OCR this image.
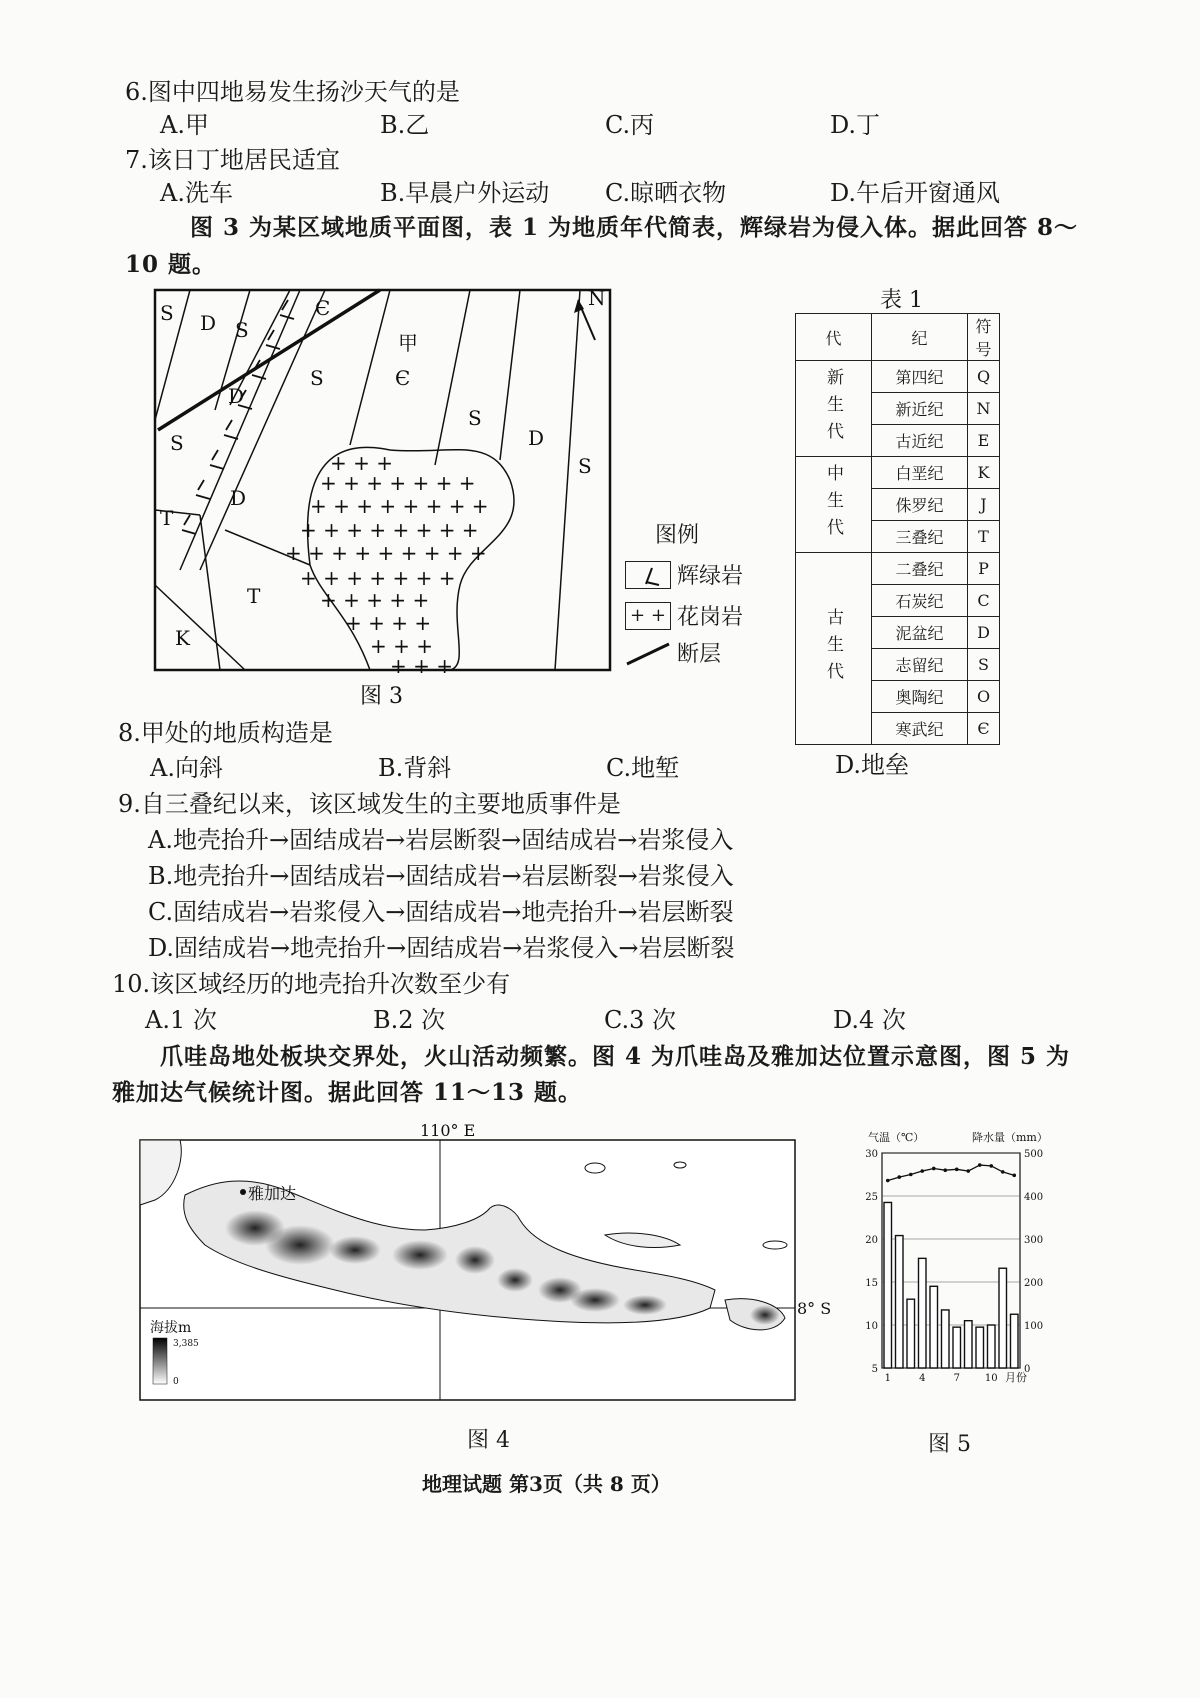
6.图中四地易发生扬沙天气的是
A.甲	B.乙	C.丙	D.丁
7.该日丁地居民适宜
A.洗车	B.早晨户外运动 C.晾晒衣物	D.午后开窗通风
图 3 为某区域地质平面图，表 1 为地质年代简表，辉绿岩为侵入体。据此回答 8～
10 题。
+ + +
+ + + + + + +
+ + + + + + + +
+ + + + + + + +
+ + + + + + + + +
+ + + + + + +
+ + + + +
+ + + +
+ + +
+ + +
S D S
Є
甲
Є
S
D
S
S
D
S
T
D
T
K
N
图 3
图例
辉绿岩
+ + 花岗岩
断层
表 1
代	纪	符号
新生代	第四纪	Q
	新近纪	N
	古近纪	E
中生代	白垩纪	K
	侏罗纪	J
	三叠纪	T
古生代	二叠纪	P
	石炭纪	C
	泥盆纪	D
	志留纪	S
	奥陶纪	O
	寒武纪	Є
8.甲处的地质构造是
A.向斜	B.背斜	C.地堑	D.地垒
9.自三叠纪以来，该区域发生的主要地质事件是
A.地壳抬升→固结成岩→岩层断裂→固结成岩→岩浆侵入
B.地壳抬升→固结成岩→固结成岩→岩层断裂→岩浆侵入
C.固结成岩→岩浆侵入→固结成岩→地壳抬升→岩层断裂
D.固结成岩→地壳抬升→固结成岩→岩浆侵入→岩层断裂
10.该区域经历的地壳抬升次数至少有
A.1 次	B.2 次	C.3 次	D.4 次
爪哇岛地处板块交界处，火山活动频繁。图 4 为爪哇岛及雅加达位置示意图，图 5 为
雅加达气候统计图。据此回答 11～13 题。
110° E
8° S
雅加达
海拔m
3,385
0
图 4
气温（℃）	降水量（mm）
5
10
15
20
25
30
0
100
200
300
400
500
1	4	7 10 月份
图 5
地理试题 第3页（共 8 页）
